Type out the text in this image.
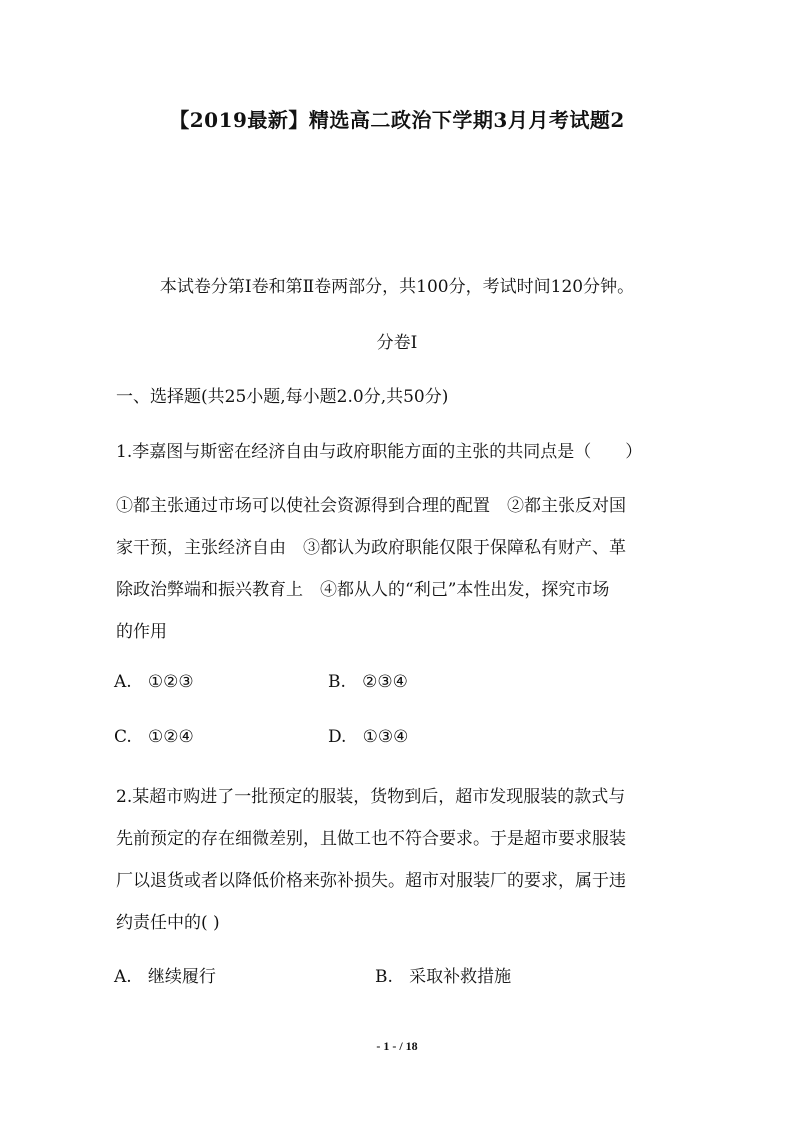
【2019最新】精选高二政治下学期3月月考试题2
本试卷分第Ⅰ卷和第Ⅱ卷两部分，共100分，考试时间120分钟。
分卷I
一、选择题(共25小题,每小题2.0分,共50分)
1.李嘉图与斯密在经济自由与政府职能方面的主张的共同点是（　　）
①都主张通过市场可以使社会资源得到合理的配置　②都主张反对国
家干预，主张经济自由　③都认为政府职能仅限于保障私有财产、革
除政治弊端和振兴教育上　④都从人的“利己”本性出发，探究市场
的作用
A. ①②③	B. ②③④
C. ①②④	D. ①③④
2.某超市购进了一批预定的服装，货物到后，超市发现服装的款式与
先前预定的存在细微差别，且做工也不符合要求。于是超市要求服装
厂以退货或者以降低价格来弥补损失。超市对服装厂的要求，属于违
约责任中的( )
A. 继续履行	B. 采取补救措施
- 1 - / 18
